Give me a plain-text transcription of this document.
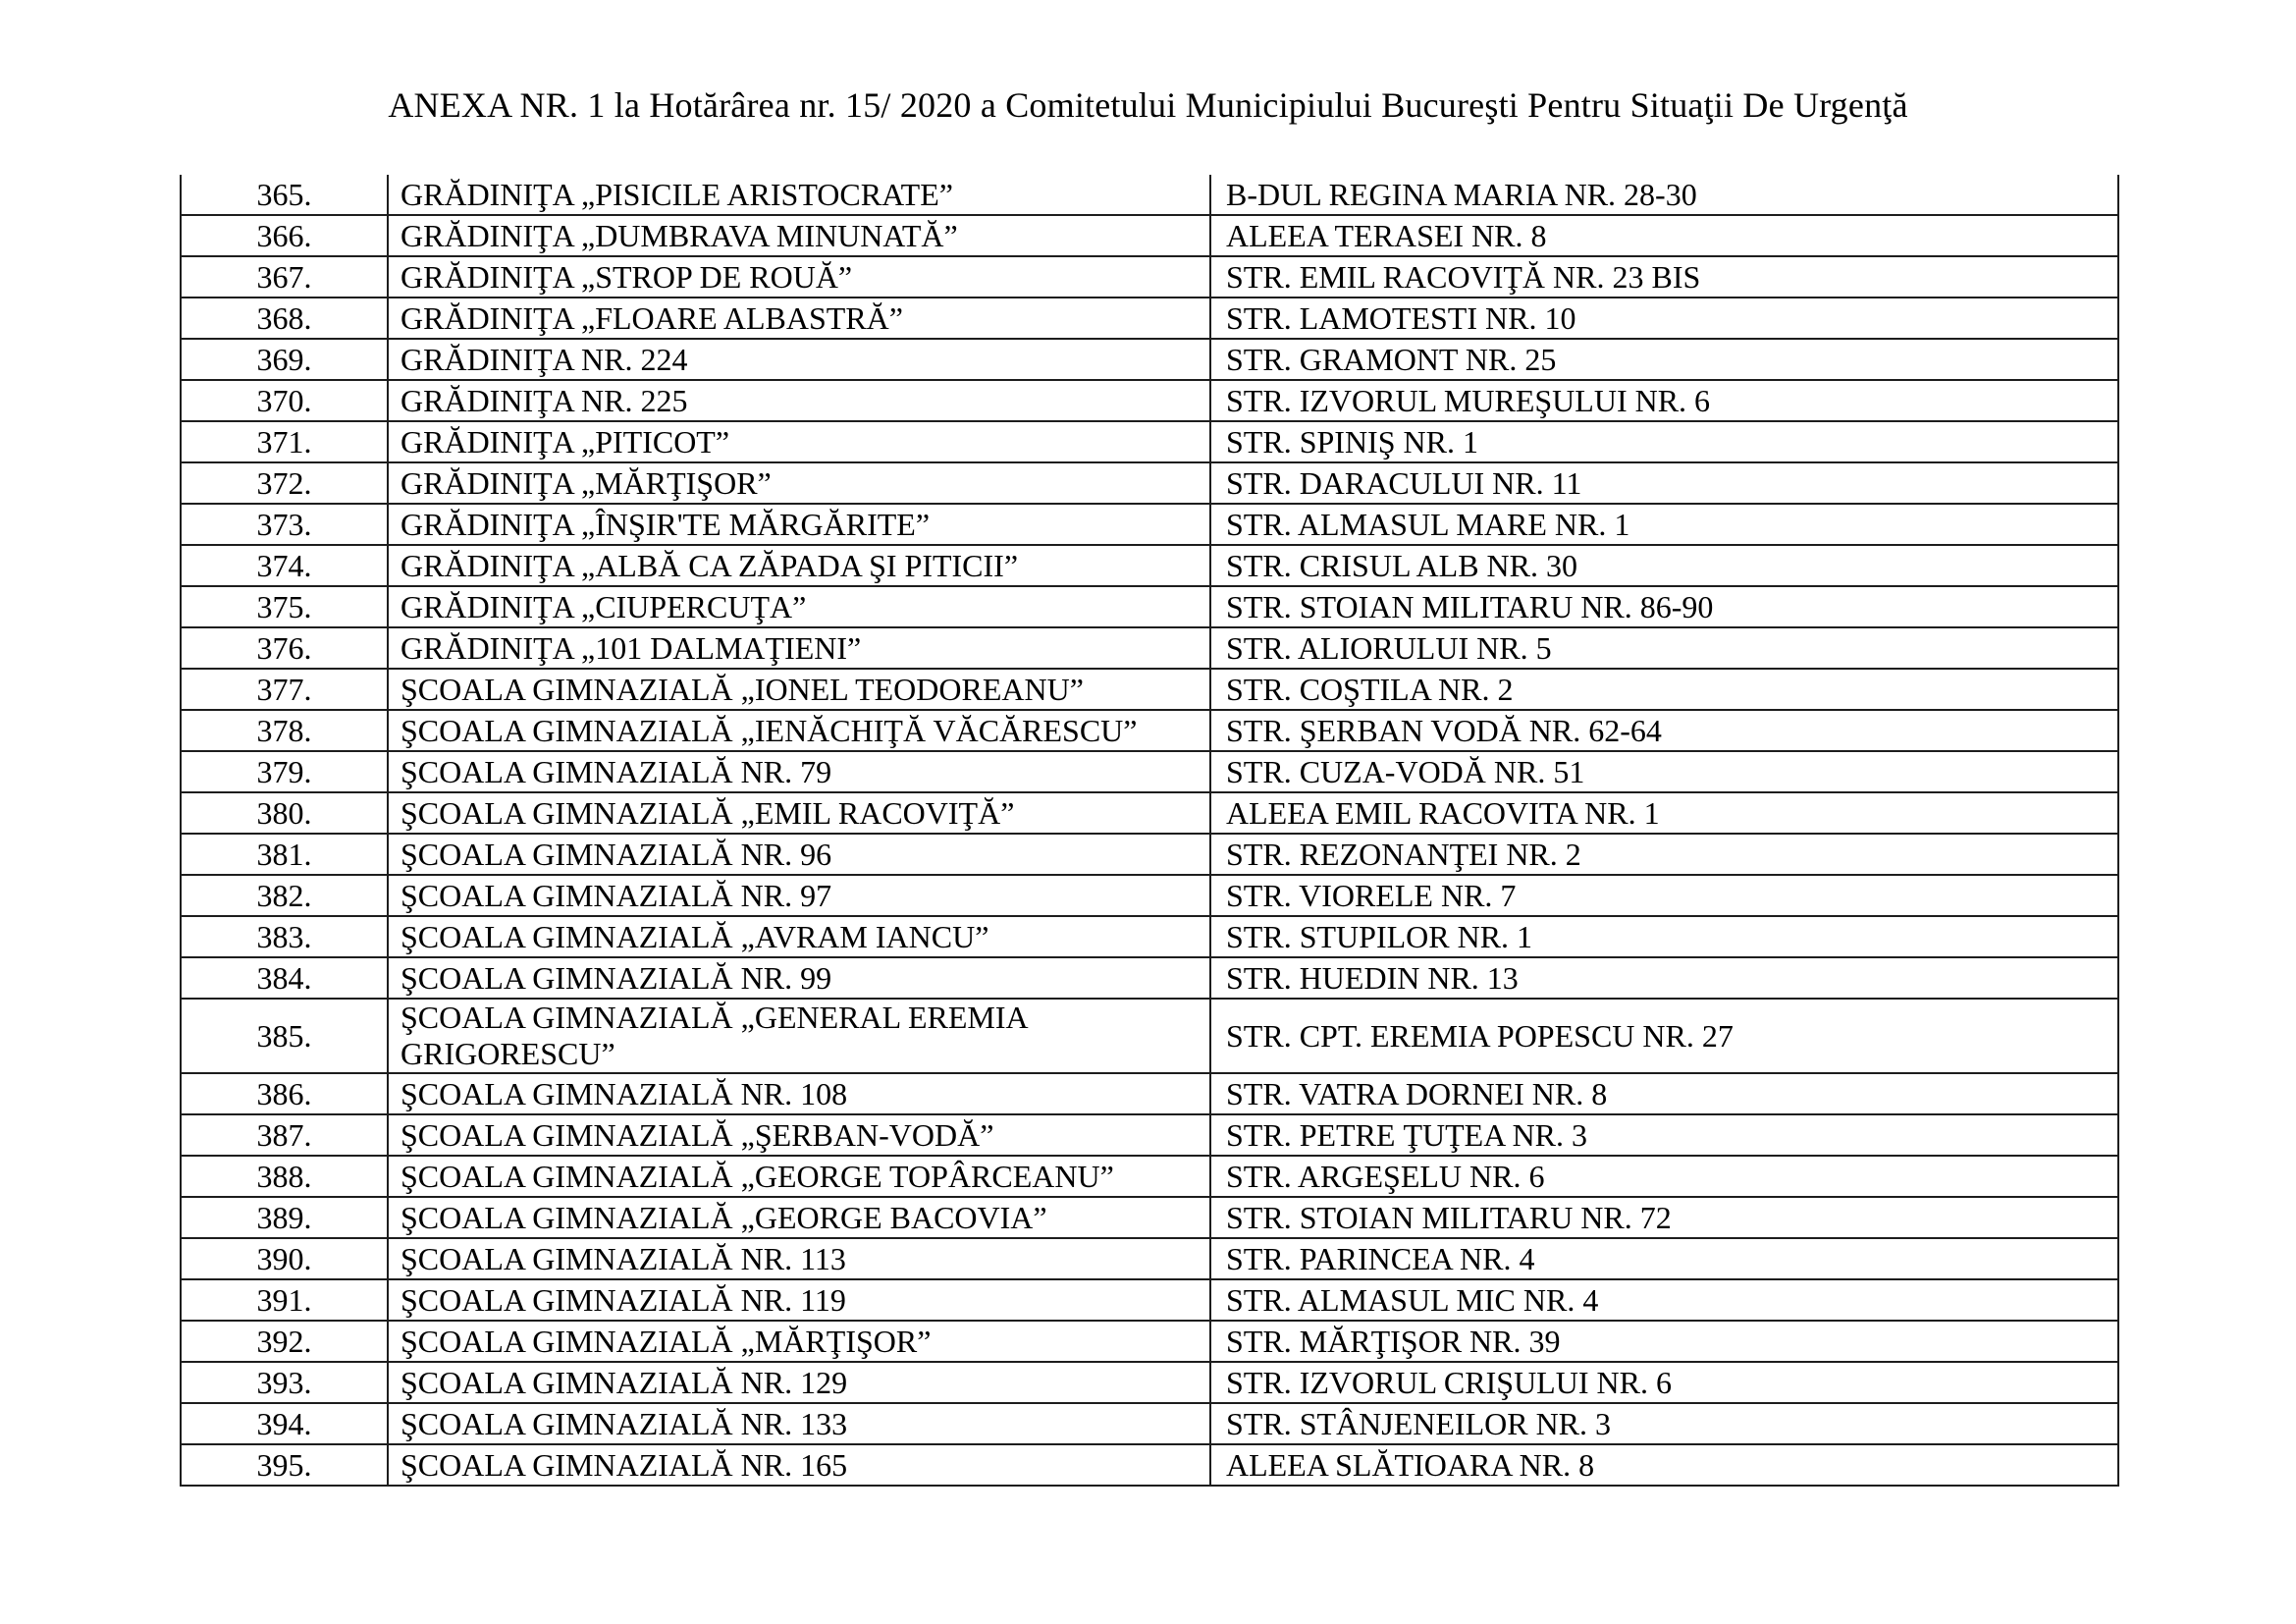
ANEXA NR. 1 la Hotărârea nr. 15/ 2020 a Comitetului Municipiului Bucureşti Pentru Situaţii De Urgenţă
365.	GRĂDINIŢA „PISICILE ARISTOCRATE”	B-DUL REGINA MARIA NR. 28-30
366.	GRĂDINIŢA „DUMBRAVA MINUNATĂ”	ALEEA TERASEI NR. 8
367.	GRĂDINIŢA „STROP DE ROUĂ”	STR. EMIL RACOVIŢĂ NR. 23 BIS
368.	GRĂDINIŢA „FLOARE ALBASTRĂ”	STR. LAMOTESTI NR. 10
369.	GRĂDINIŢA NR. 224	STR. GRAMONT NR. 25
370.	GRĂDINIŢA NR. 225	STR. IZVORUL MUREŞULUI NR. 6
371.	GRĂDINIŢA „PITICOT”	STR. SPINIŞ NR. 1
372.	GRĂDINIŢA „MĂRŢIŞOR”	STR. DARACULUI NR. 11
373.	GRĂDINIŢA „ÎNŞIR'TE MĂRGĂRITE”	STR. ALMASUL MARE NR. 1
374.	GRĂDINIŢA „ALBĂ CA ZĂPADA ŞI PITICII”	STR. CRISUL ALB NR. 30
375.	GRĂDINIŢA „CIUPERCUŢA”	STR. STOIAN MILITARU NR. 86-90
376.	GRĂDINIŢA „101 DALMAŢIENI”	STR. ALIORULUI NR. 5
377.	ŞCOALA GIMNAZIALĂ „IONEL TEODOREANU”	STR. COŞTILA NR. 2
378.	ŞCOALA GIMNAZIALĂ „IENĂCHIŢĂ VĂCĂRESCU”	STR. ŞERBAN VODĂ NR. 62-64
379.	ŞCOALA GIMNAZIALĂ NR. 79	STR. CUZA-VODĂ NR. 51
380.	ŞCOALA GIMNAZIALĂ „EMIL RACOVIŢĂ”	ALEEA EMIL RACOVITA NR. 1
381.	ŞCOALA GIMNAZIALĂ NR. 96	STR. REZONANŢEI NR. 2
382.	ŞCOALA GIMNAZIALĂ NR. 97	STR. VIORELE NR. 7
383.	ŞCOALA GIMNAZIALĂ „AVRAM IANCU”	STR. STUPILOR NR. 1
384.	ŞCOALA GIMNAZIALĂ NR. 99	STR. HUEDIN NR. 13
385.	ŞCOALA GIMNAZIALĂ „GENERAL EREMIA GRIGORESCU”	STR. CPT. EREMIA POPESCU NR. 27
386.	ŞCOALA GIMNAZIALĂ NR. 108	STR. VATRA DORNEI NR. 8
387.	ŞCOALA GIMNAZIALĂ „ŞERBAN-VODĂ”	STR. PETRE ŢUŢEA NR. 3
388.	ŞCOALA GIMNAZIALĂ „GEORGE TOPÂRCEANU”	STR. ARGEŞELU NR. 6
389.	ŞCOALA GIMNAZIALĂ „GEORGE BACOVIA”	STR. STOIAN MILITARU NR. 72
390.	ŞCOALA GIMNAZIALĂ NR. 113	STR. PARINCEA NR. 4
391.	ŞCOALA GIMNAZIALĂ NR. 119	STR. ALMASUL MIC NR. 4
392.	ŞCOALA GIMNAZIALĂ „MĂRŢIŞOR”	STR. MĂRŢIŞOR NR. 39
393.	ŞCOALA GIMNAZIALĂ NR. 129	STR. IZVORUL CRIŞULUI NR. 6
394.	ŞCOALA GIMNAZIALĂ NR. 133	STR. STÂNJENEILOR NR. 3
395.	ŞCOALA GIMNAZIALĂ NR. 165	ALEEA SLĂTIOARA NR. 8
